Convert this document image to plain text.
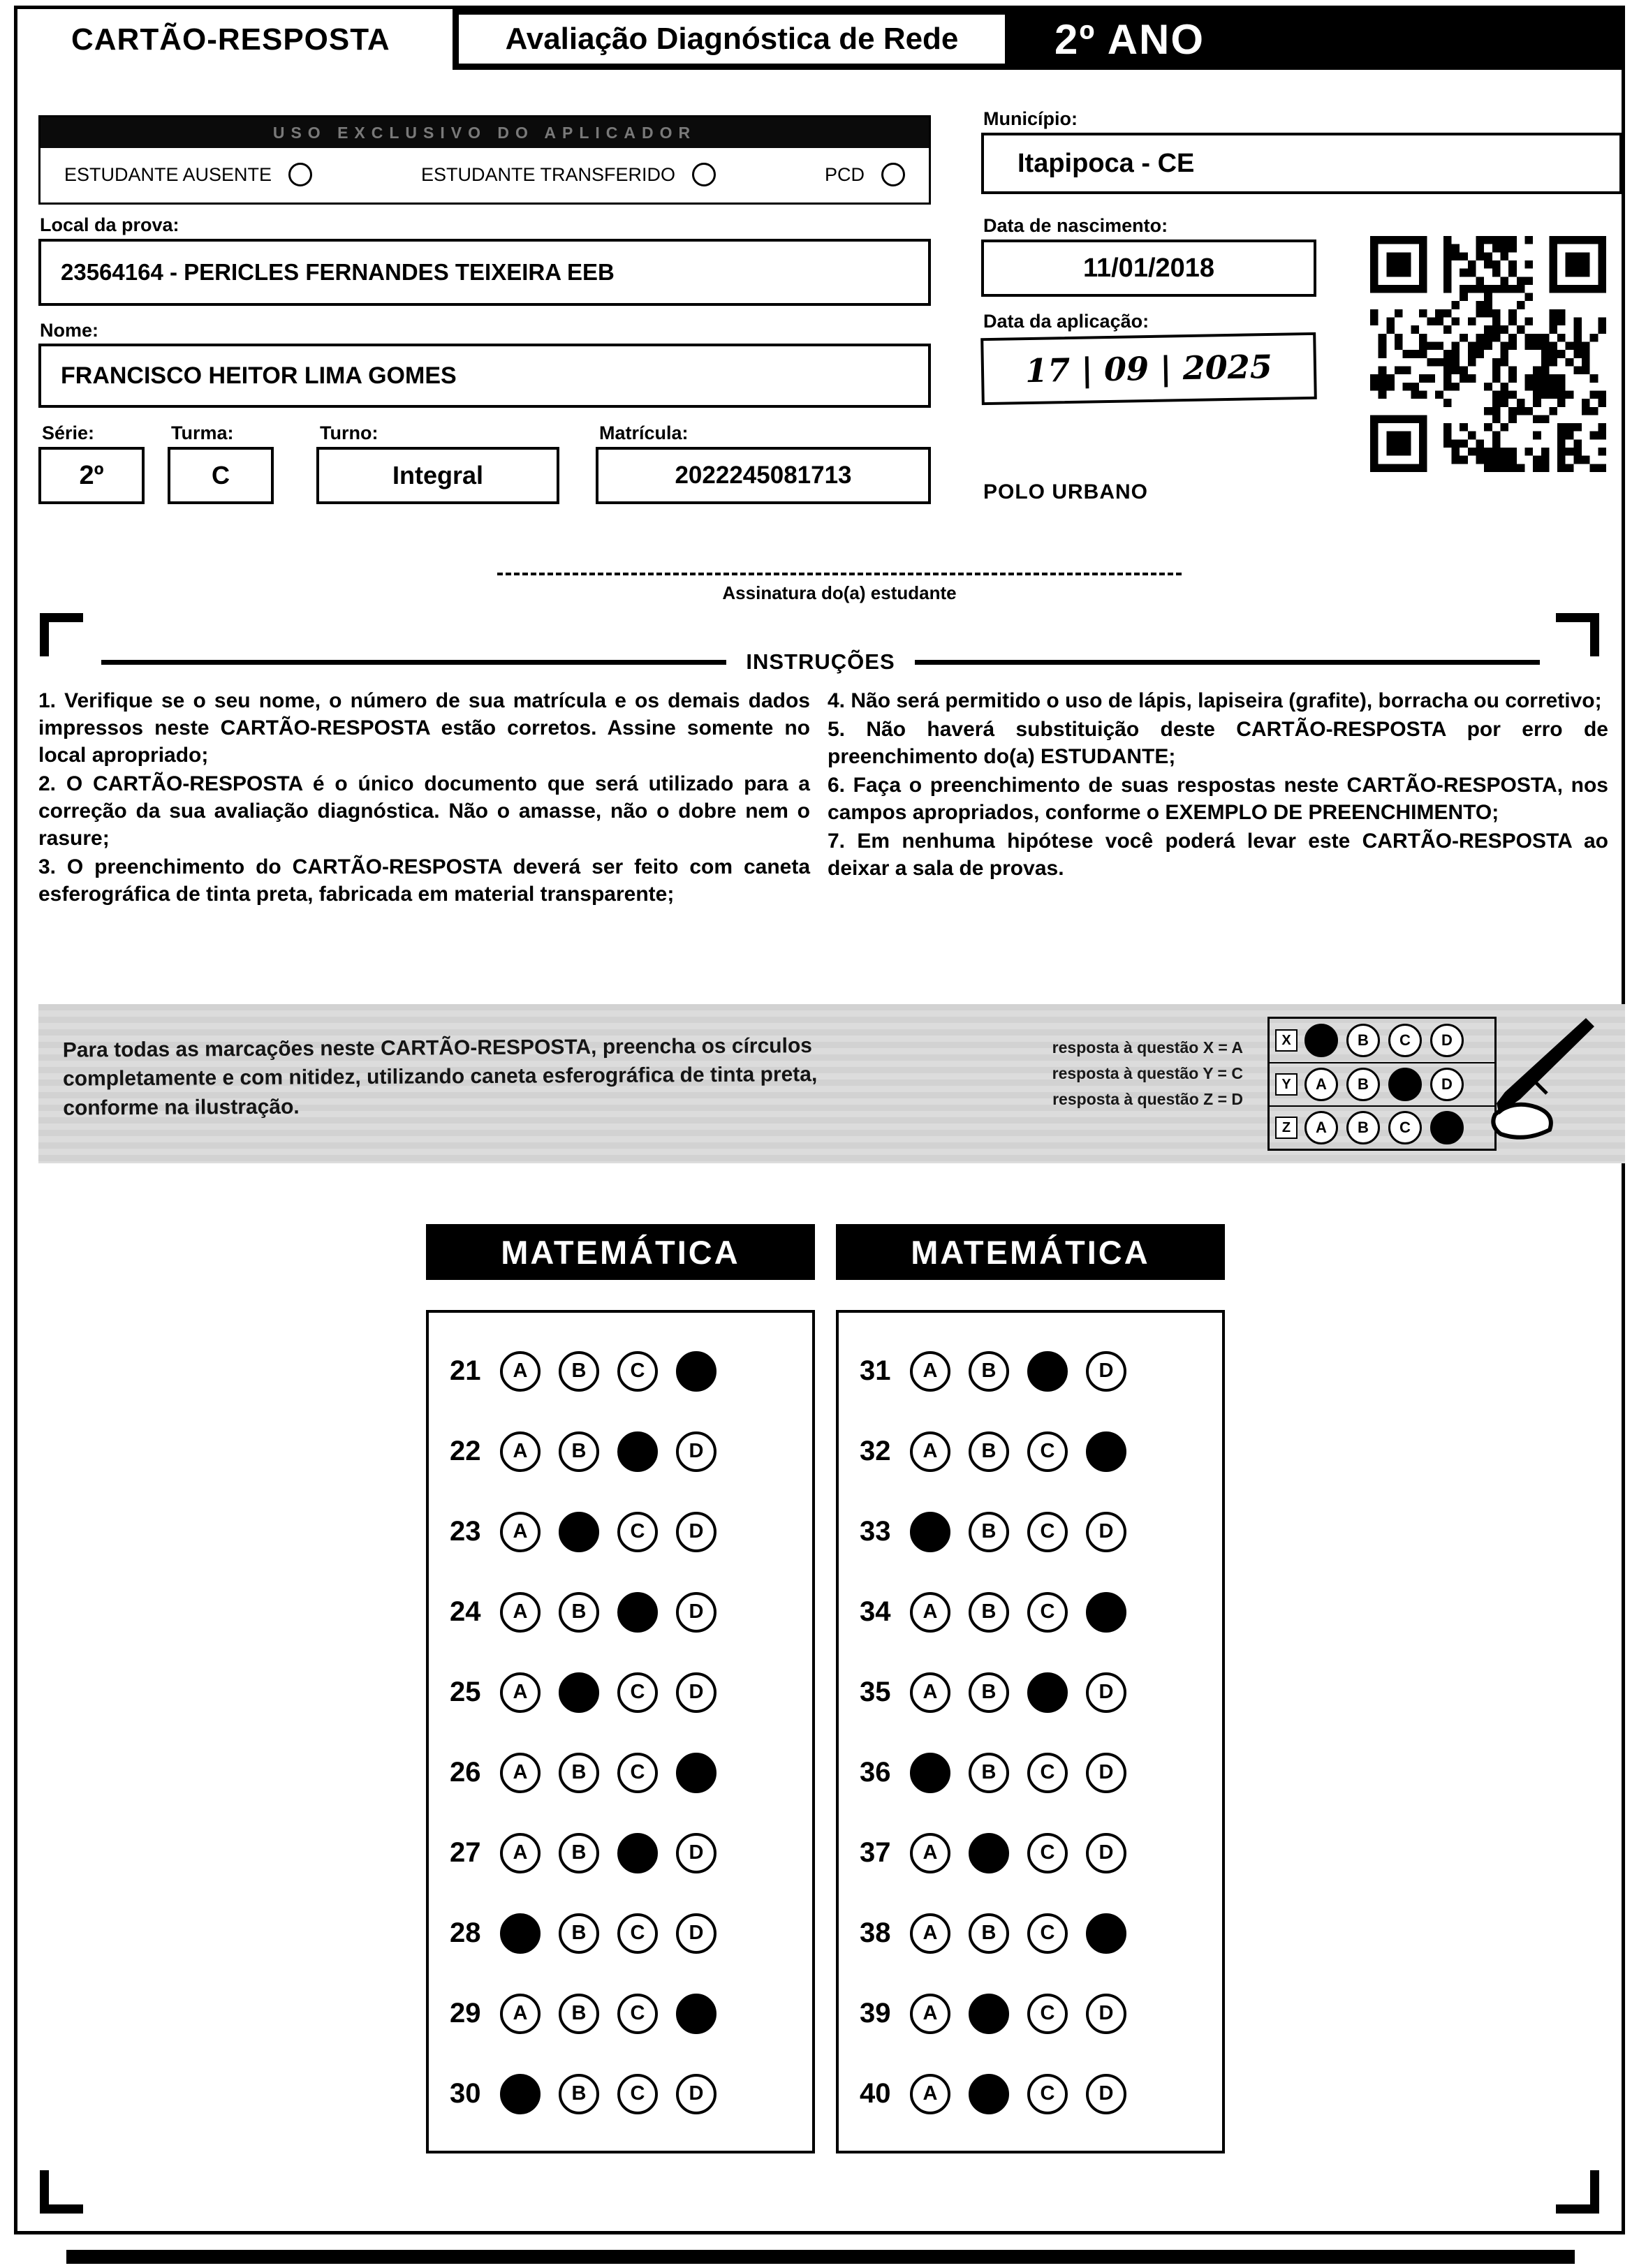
CARTÃO-RESPOSTA	Avaliação Diagnóstica de Rede	2º ANO
USO EXCLUSIVO DO APLICADOR
ESTUDANTE AUSENTE	ESTUDANTE TRANSFERIDO	PCD
Local da prova:
23564164 - PERICLES FERNANDES TEIXEIRA EEB
Nome:
FRANCISCO HEITOR LIMA GOMES
Série:
2º
Turma:
C
Turno:
Integral
Matrícula:
2022245081713
Município:
Itapipoca - CE
Data de nascimento:
11/01/2018
Data da aplicação:
17 | 09 | 2025
POLO URBANO
Assinatura do(a) estudante
INSTRUÇÕES

1. Verifique se o seu nome, o número de sua matrícula e os demais dados impressos neste CARTÃO-RESPOSTA estão corretos. Assine somente no local apropriado;

2. O CARTÃO-RESPOSTA é o único documento que será utilizado para a correção da sua avaliação diagnóstica. Não o amasse, não o dobre nem o rasure;

3. O preenchimento do CARTÃO-RESPOSTA deverá ser feito com caneta esferográfica de tinta preta, fabricada em material transparente;

4. Não será permitido o uso de lápis, lapiseira (grafite), borracha ou corretivo;

5. Não haverá substituição deste CARTÃO-RESPOSTA por erro de preenchimento do(a) ESTUDANTE;

6. Faça o preenchimento de suas respostas neste CARTÃO-RESPOSTA, nos campos apropriados, conforme o EXEMPLO DE PREENCHIMENTO;

7. Em nenhuma hipótese você poderá levar este CARTÃO-RESPOSTA ao deixar a sala de provas.

Para todas as marcações neste CARTÃO-RESPOSTA, preencha os círculos completamente e com nitidez, utilizando caneta esferográfica de tinta preta, conforme na ilustração.

resposta à questão X = A

resposta à questão Y = C

resposta à questão Z = D

X	B C D
Y	A B	D
Z	A B C
MATEMÁTICA	MATEMÁTICA
21	A B C
22	A B	D
23	A	C D
24	A B	D
25	A	C D
26	A B C
27	A B	D
28	B C D
29	A B C
30	B C D
31	A B	D
32	A B C
33	B C D
34	A B C
35	A B	D
36	B C D
37	A	C D
38	A B C
39	A	C D
40	A	C D
